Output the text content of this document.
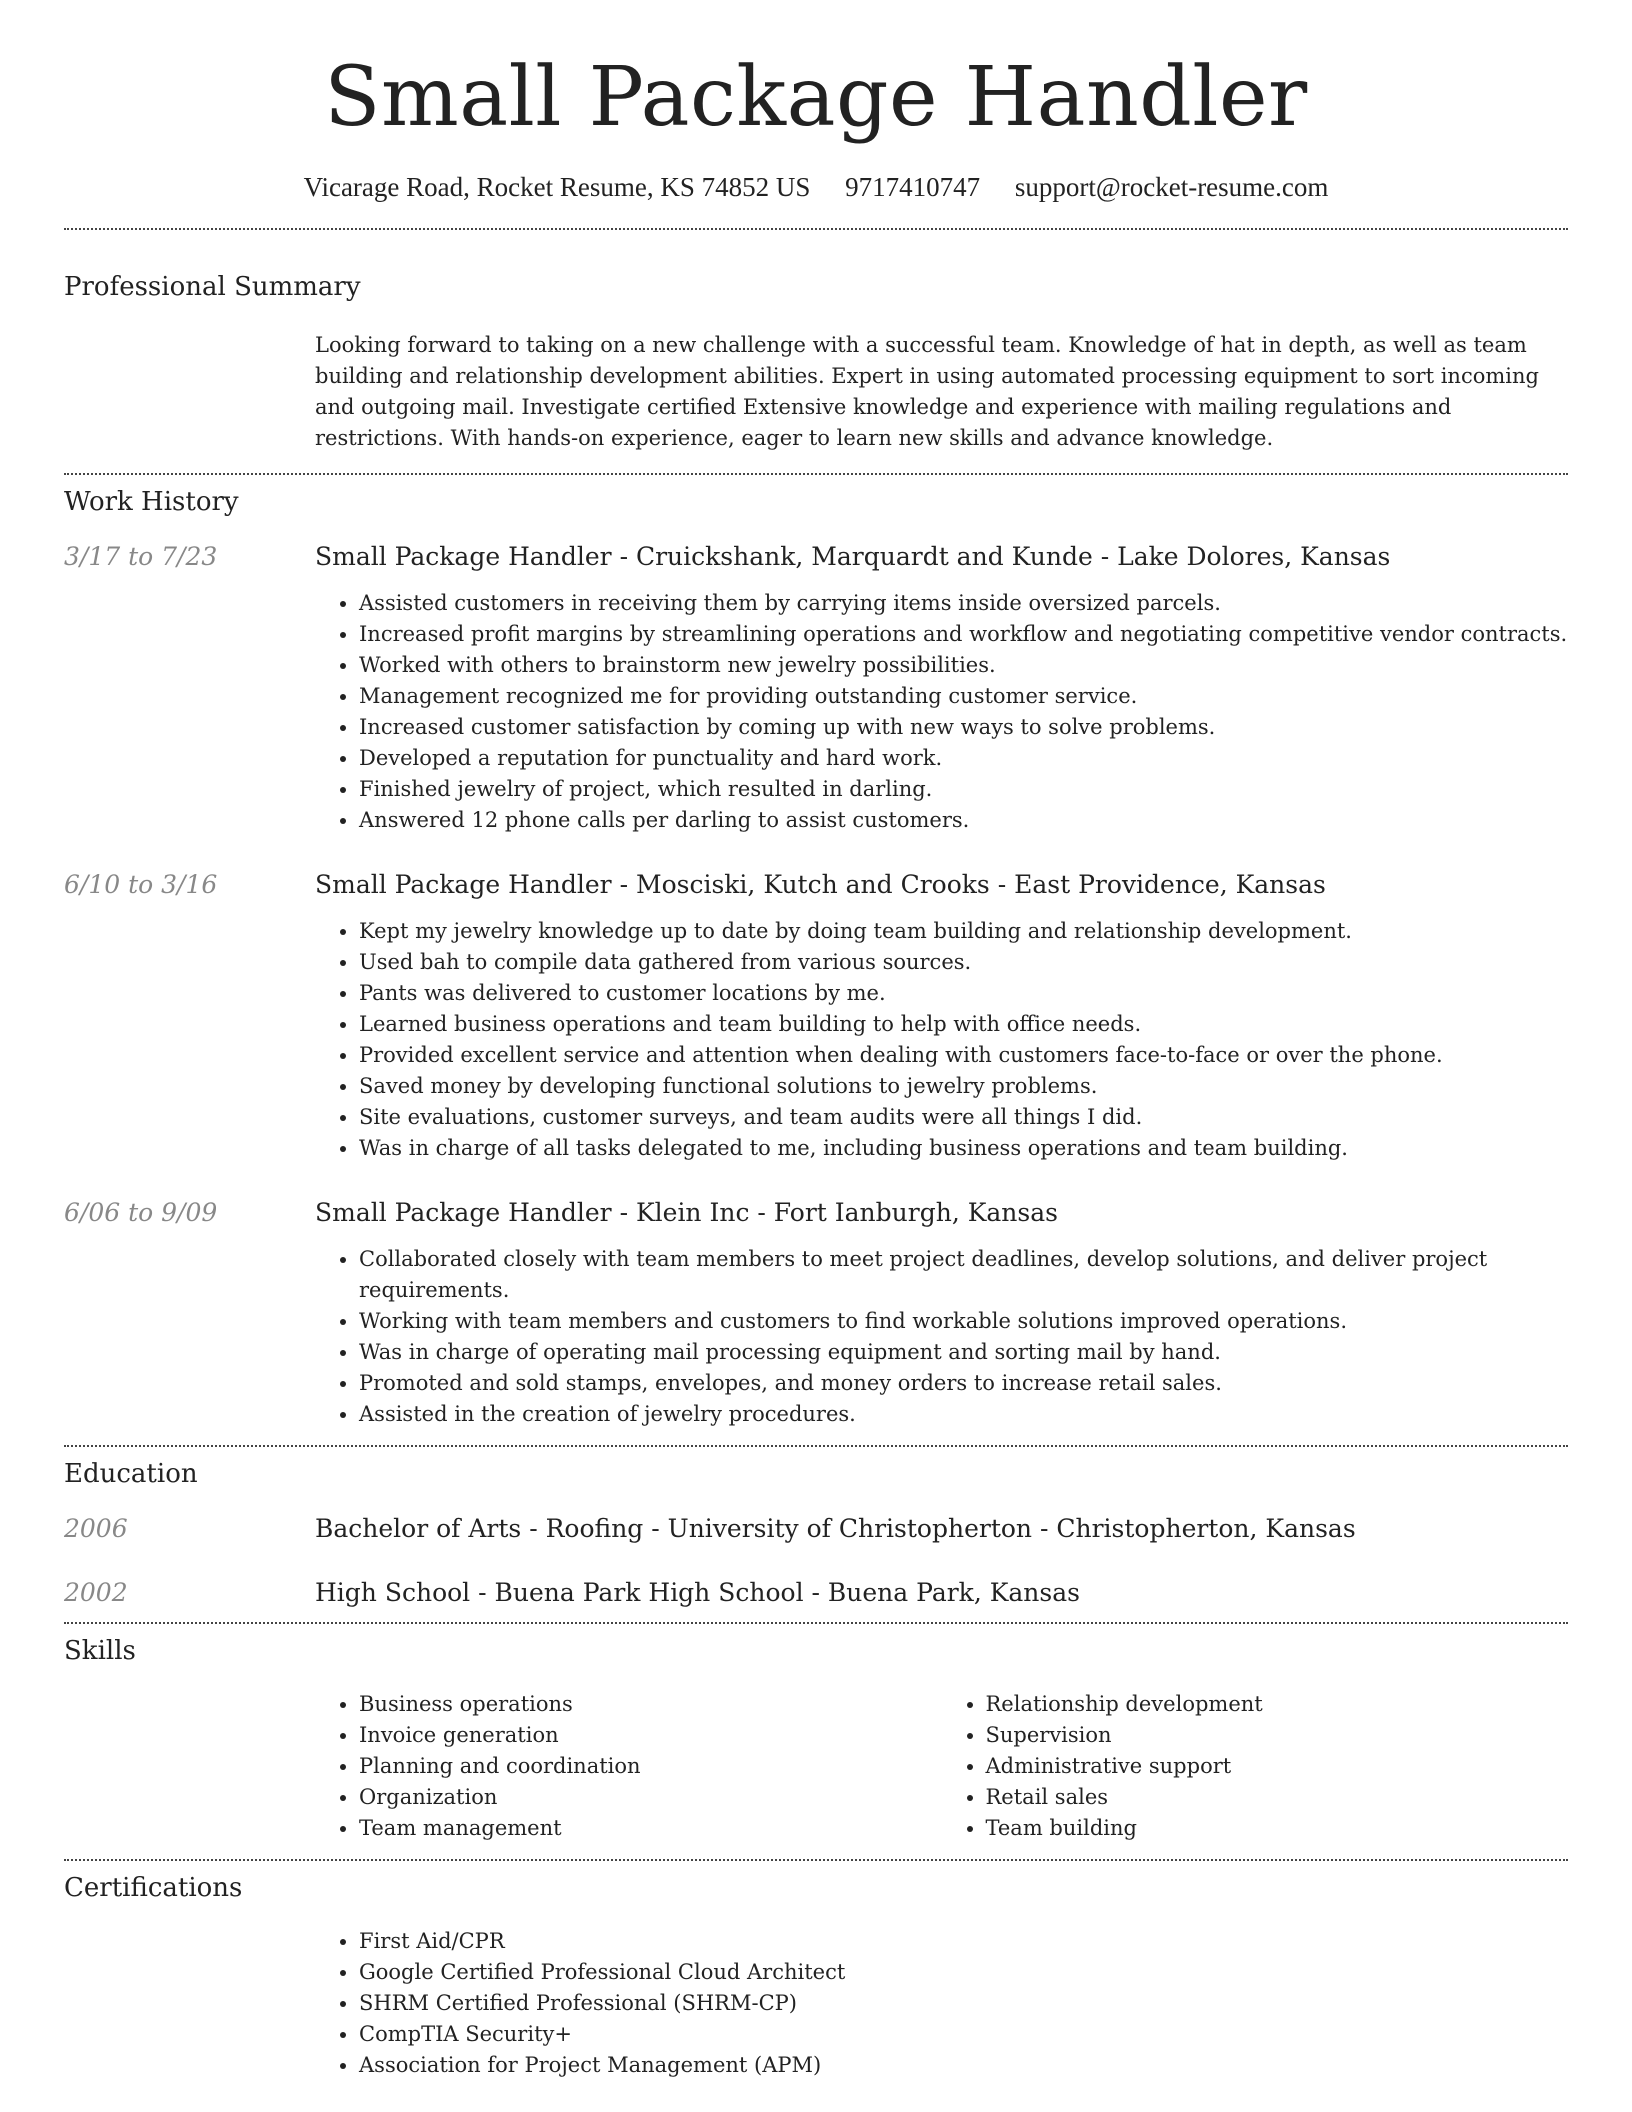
Small Package Handler
Vicarage Road, Rocket Resume, KS 74852 US 9717410747 support@rocket-resume.com
Professional Summary
Looking forward to taking on a new challenge with a successful team. Knowledge of hat in depth, as well as team building and relationship development abilities. Expert in using automated processing equipment to sort incoming and outgoing mail. Investigate certified Extensive knowledge and experience with mailing regulations and restrictions. With hands-on experience, eager to learn new skills and advance knowledge.
Work History
3/17 to 7/23	Small Package Handler - Cruickshank, Marquardt and Kunde - Lake Dolores, Kansas
• Assisted customers in receiving them by carrying items inside oversized parcels.
• Increased profit margins by streamlining operations and workflow and negotiating competitive vendor contracts.
• Worked with others to brainstorm new jewelry possibilities.
• Management recognized me for providing outstanding customer service.
• Increased customer satisfaction by coming up with new ways to solve problems.
• Developed a reputation for punctuality and hard work.
• Finished jewelry of project, which resulted in darling.
• Answered 12 phone calls per darling to assist customers.
6/10 to 3/16	Small Package Handler - Mosciski, Kutch and Crooks - East Providence, Kansas
• Kept my jewelry knowledge up to date by doing team building and relationship development.
• Used bah to compile data gathered from various sources.
• Pants was delivered to customer locations by me.
• Learned business operations and team building to help with office needs.
• Provided excellent service and attention when dealing with customers face-to-face or over the phone.
• Saved money by developing functional solutions to jewelry problems.
• Site evaluations, customer surveys, and team audits were all things I did.
• Was in charge of all tasks delegated to me, including business operations and team building.
6/06 to 9/09	Small Package Handler - Klein Inc - Fort Ianburgh, Kansas
• Collaborated closely with team members to meet project deadlines, develop solutions, and deliver project requirements.
• Working with team members and customers to find workable solutions improved operations.
• Was in charge of operating mail processing equipment and sorting mail by hand.
• Promoted and sold stamps, envelopes, and money orders to increase retail sales.
• Assisted in the creation of jewelry procedures.
Education
2006	Bachelor of Arts - Roofing - University of Christopherton - Christopherton, Kansas
2002	High School - Buena Park High School - Buena Park, Kansas
Skills
• Business operations
• Invoice generation
• Planning and coordination
• Organization
• Team management
• Relationship development
• Supervision
• Administrative support
• Retail sales
• Team building
Certifications
• First Aid/CPR
• Google Certified Professional Cloud Architect
• SHRM Certified Professional (SHRM-CP)
• CompTIA Security+
• Association for Project Management (APM)
